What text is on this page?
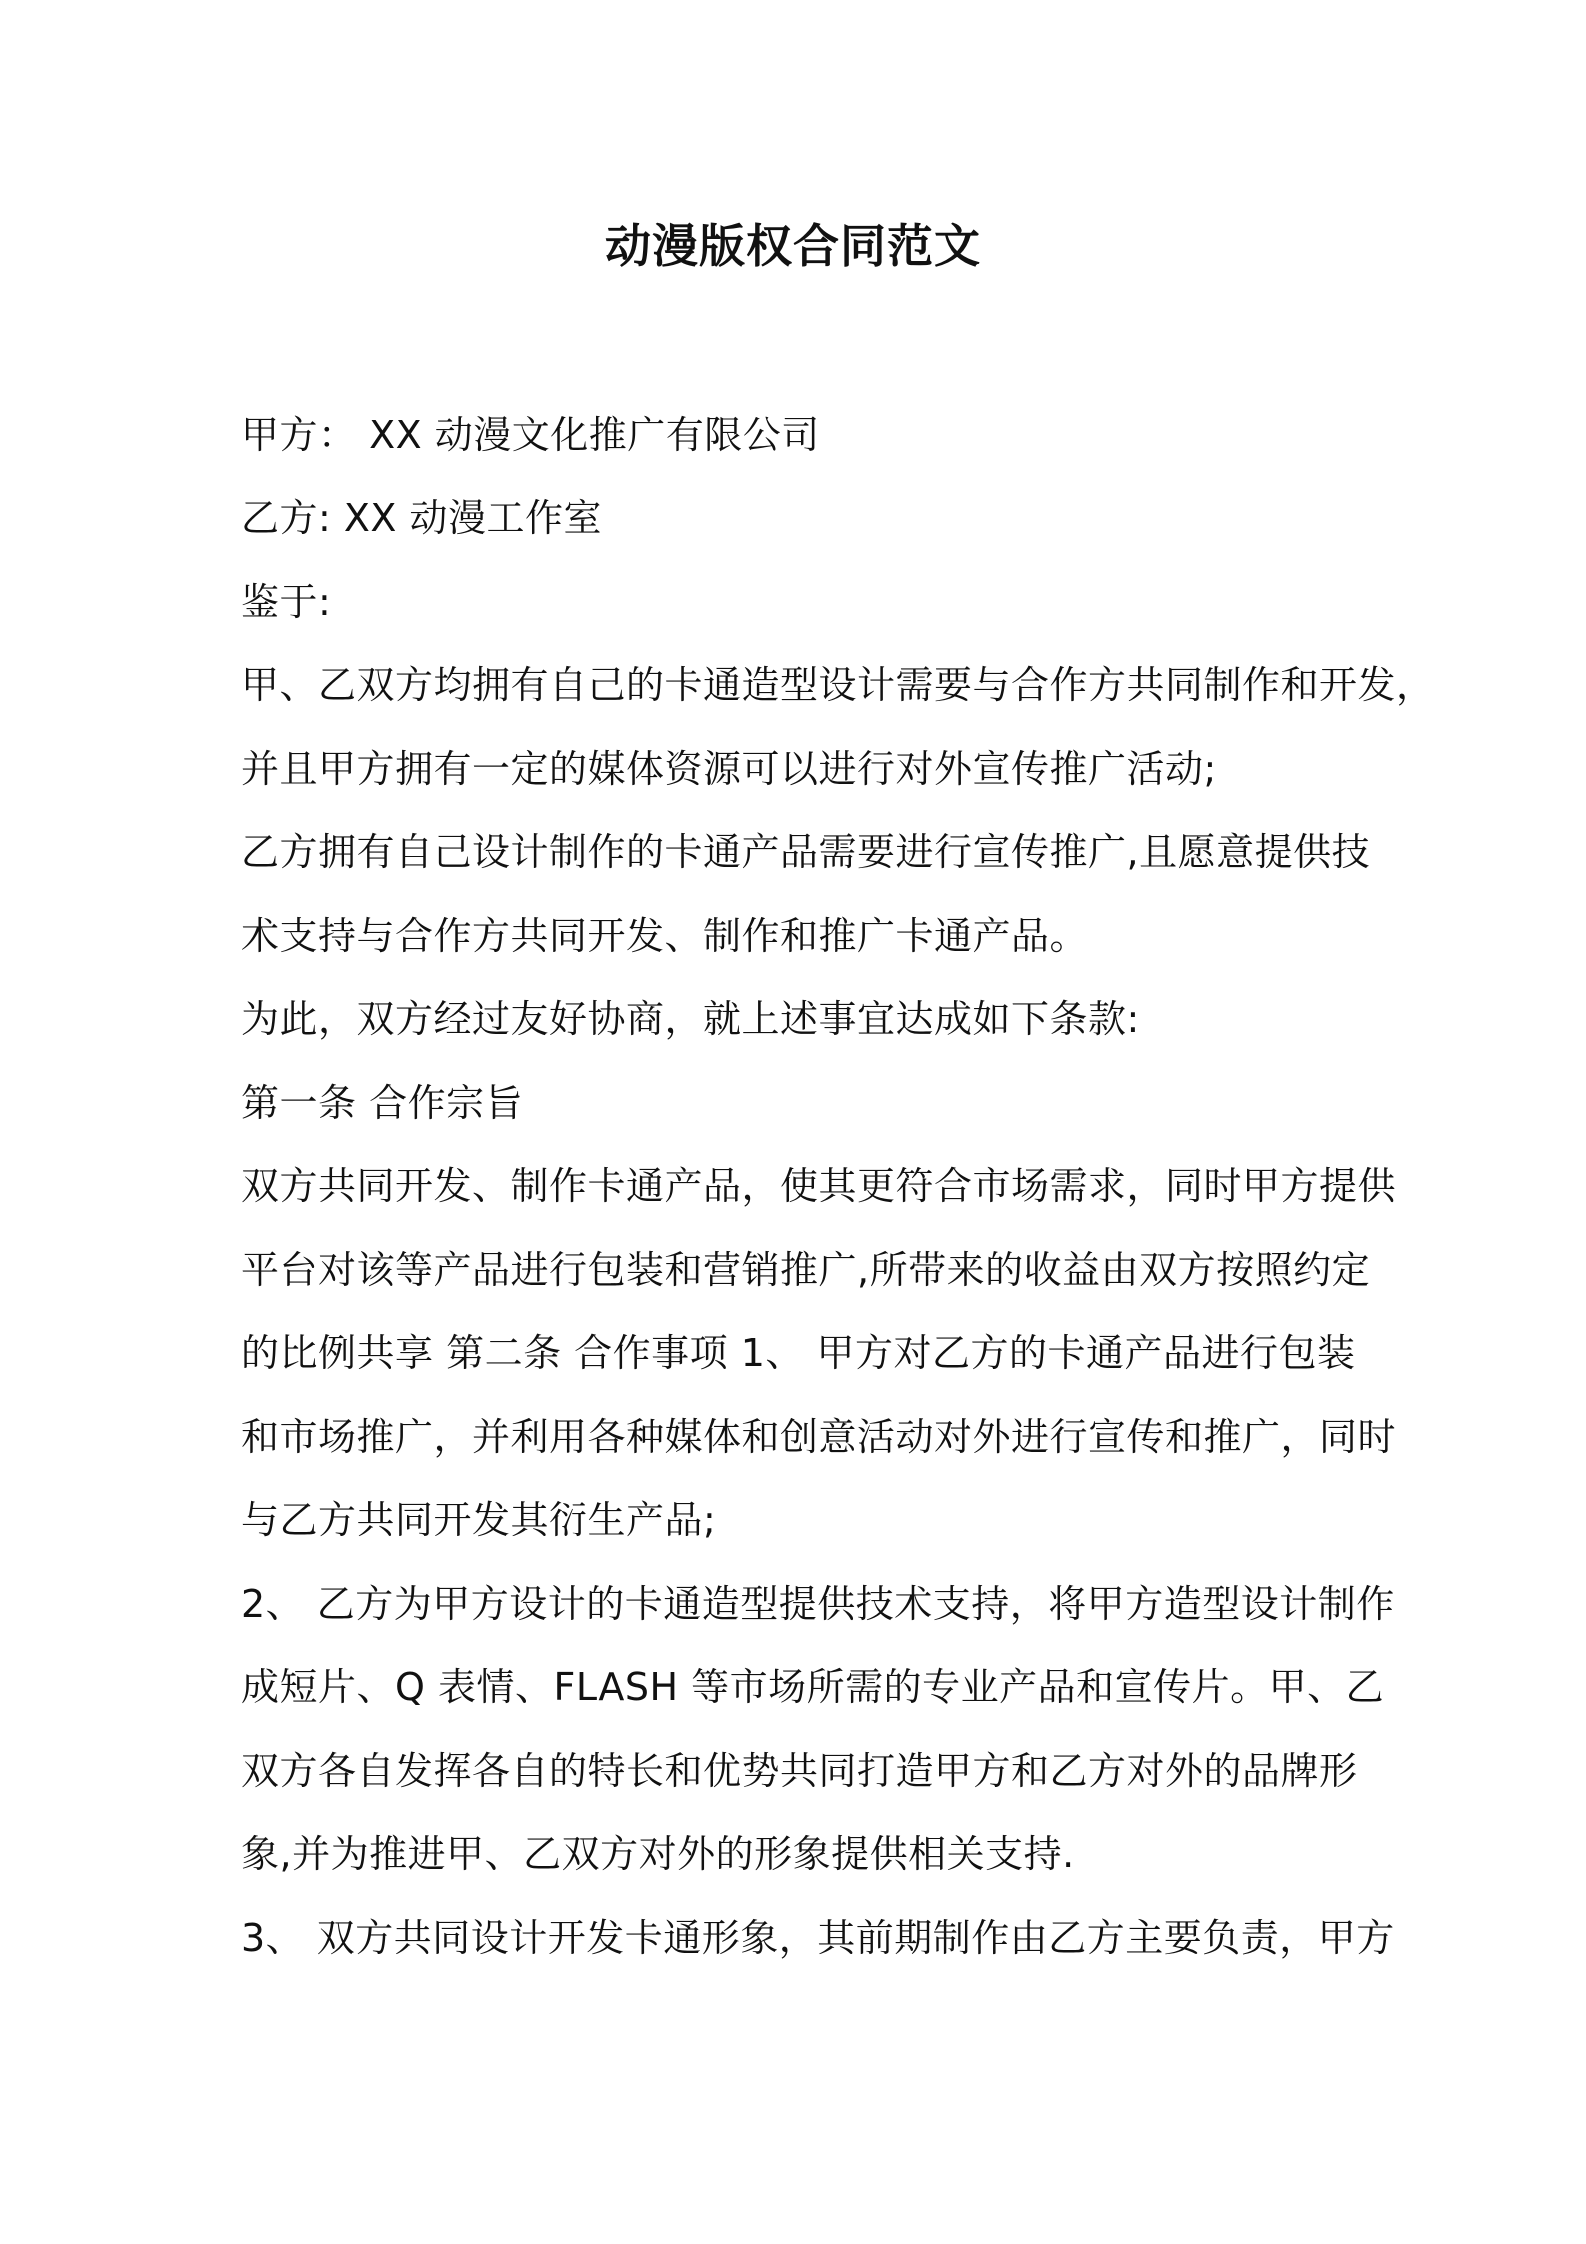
动漫版权合同范文
甲方： XX 动漫文化推广有限公司
乙方: XX 动漫工作室
鉴于:
甲、乙双方均拥有自己的卡通造型设计需要与合作方共同制作和开发，
并且甲方拥有一定的媒体资源可以进行对外宣传推广活动;
乙方拥有自己设计制作的卡通产品需要进行宣传推广,且愿意提供技
术支持与合作方共同开发、制作和推广卡通产品。
为此，双方经过友好协商，就上述事宜达成如下条款:
第一条 合作宗旨
双方共同开发、制作卡通产品，使其更符合市场需求，同时甲方提供
平台对该等产品进行包装和营销推广,所带来的收益由双方按照约定
的比例共享 第二条 合作事项 1、 甲方对乙方的卡通产品进行包装
和市场推广，并利用各种媒体和创意活动对外进行宣传和推广，同时
与乙方共同开发其衍生产品;
2、 乙方为甲方设计的卡通造型提供技术支持，将甲方造型设计制作
成短片、Q 表情、FLASH 等市场所需的专业产品和宣传片。甲、乙
双方各自发挥各自的特长和优势共同打造甲方和乙方对外的品牌形
象,并为推进甲、乙双方对外的形象提供相关支持.
3、 双方共同设计开发卡通形象，其前期制作由乙方主要负责，甲方
